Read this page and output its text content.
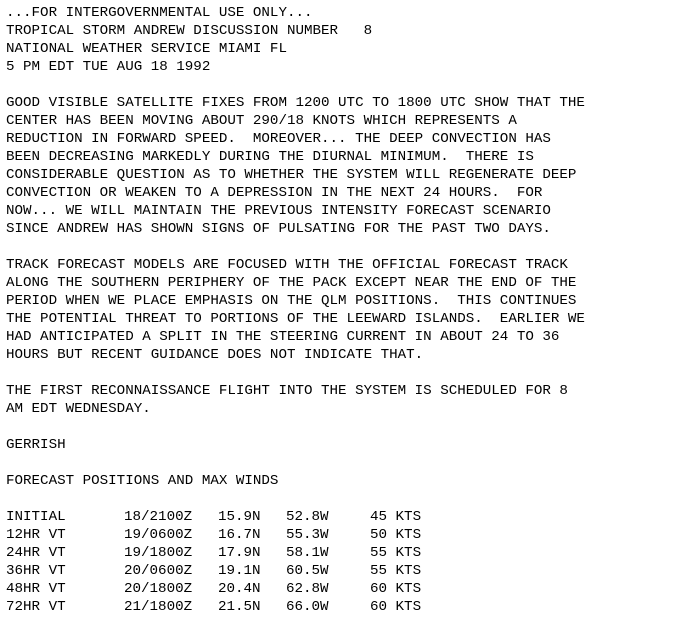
...FOR INTERGOVERNMENTAL USE ONLY...
TROPICAL STORM ANDREW DISCUSSION NUMBER   8
NATIONAL WEATHER SERVICE MIAMI FL
5 PM EDT TUE AUG 18 1992
GOOD VISIBLE SATELLITE FIXES FROM 1200 UTC TO 1800 UTC SHOW THAT THE
CENTER HAS BEEN MOVING ABOUT 290/18 KNOTS WHICH REPRESENTS A
REDUCTION IN FORWARD SPEED.  MOREOVER... THE DEEP CONVECTION HAS
BEEN DECREASING MARKEDLY DURING THE DIURNAL MINIMUM.  THERE IS
CONSIDERABLE QUESTION AS TO WHETHER THE SYSTEM WILL REGENERATE DEEP
CONVECTION OR WEAKEN TO A DEPRESSION IN THE NEXT 24 HOURS.  FOR
NOW... WE WILL MAINTAIN THE PREVIOUS INTENSITY FORECAST SCENARIO
SINCE ANDREW HAS SHOWN SIGNS OF PULSATING FOR THE PAST TWO DAYS.
TRACK FORECAST MODELS ARE FOCUSED WITH THE OFFICIAL FORECAST TRACK
ALONG THE SOUTHERN PERIPHERY OF THE PACK EXCEPT NEAR THE END OF THE
PERIOD WHEN WE PLACE EMPHASIS ON THE QLM POSITIONS.  THIS CONTINUES
THE POTENTIAL THREAT TO PORTIONS OF THE LEEWARD ISLANDS.  EARLIER WE
HAD ANTICIPATED A SPLIT IN THE STEERING CURRENT IN ABOUT 24 TO 36
HOURS BUT RECENT GUIDANCE DOES NOT INDICATE THAT.
THE FIRST RECONNAISSANCE FLIGHT INTO THE SYSTEM IS SCHEDULED FOR 8
AM EDT WEDNESDAY.
GERRISH
FORECAST POSITIONS AND MAX WINDS
INITIAL	18/2100Z	15.9N	52.8W	45 KTS
12HR VT	19/0600Z	16.7N	55.3W	50 KTS
24HR VT	19/1800Z	17.9N	58.1W	55 KTS
36HR VT	20/0600Z	19.1N	60.5W	55 KTS
48HR VT	20/1800Z	20.4N	62.8W	60 KTS
72HR VT	21/1800Z	21.5N	66.0W	60 KTS
